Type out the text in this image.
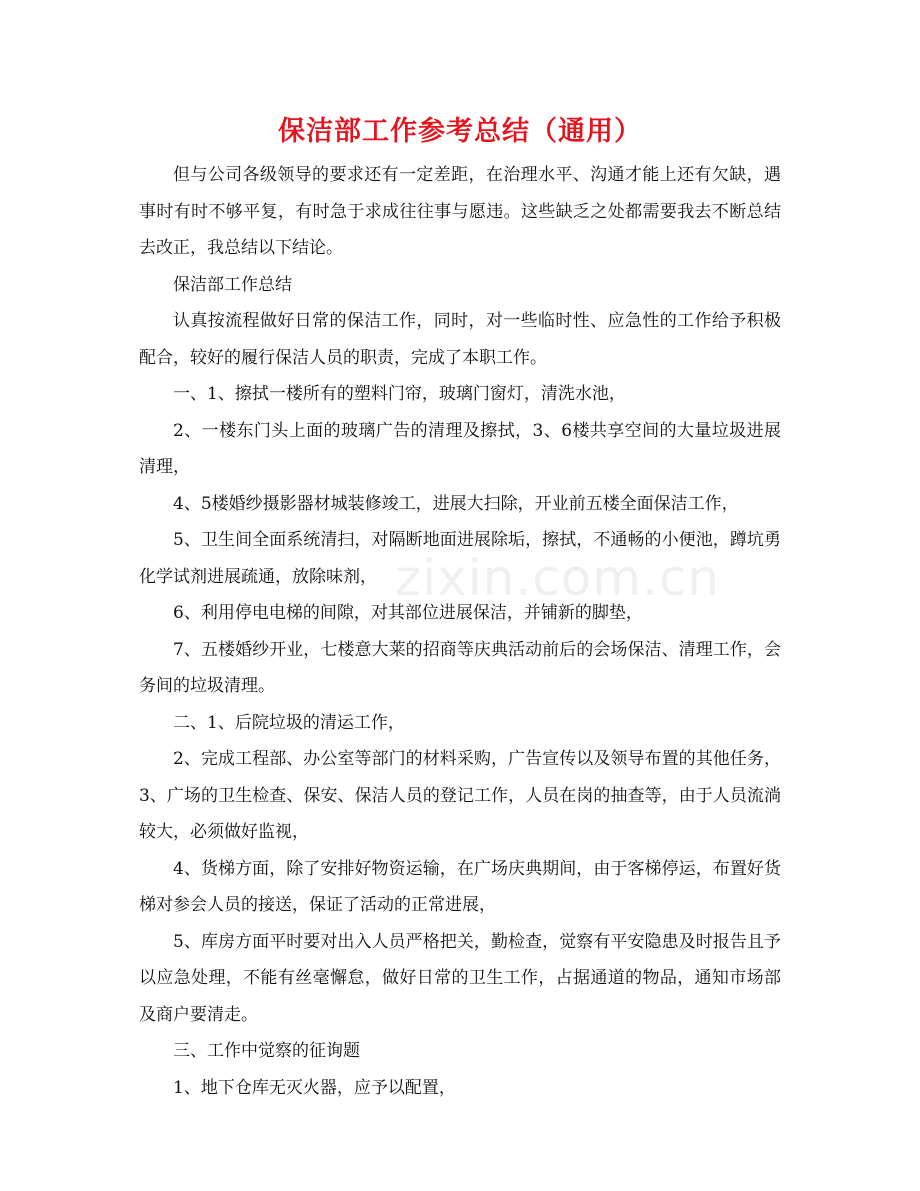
保洁部工作参考总结（通用）

但与公司各级领导的要求还有一定差距，在治理水平、沟通才能上还有欠缺，遇事时有时不够平复，有时急于求成往往事与愿违。这些缺乏之处都需要我去不断总结去改正，我总结以下结论。

保洁部工作总结

认真按流程做好日常的保洁工作，同时，对一些临时性、应急性的工作给予积极配合，较好的履行保洁人员的职责，完成了本职工作。

一、1、擦拭一楼所有的塑料门帘，玻璃门窗灯，清洗水池，

2、一楼东门头上面的玻璃广告的清理及擦拭，3、6楼共享空间的大量垃圾进展清理，

4、5楼婚纱摄影器材城装修竣工，进展大扫除，开业前五楼全面保洁工作，

5、卫生间全面系统清扫，对隔断地面进展除垢，擦拭，不通畅的小便池，蹲坑勇化学试剂进展疏通，放除味剂，

6、利用停电电梯的间隙，对其部位进展保洁，并铺新的脚垫，

7、五楼婚纱开业，七楼意大莱的招商等庆典活动前后的会场保洁、清理工作，会务间的垃圾清理。

二、1、后院垃圾的清运工作，

2、完成工程部、办公室等部门的材料采购，广告宣传以及领导布置的其他任务，3、广场的卫生检查、保安、保洁人员的登记工作，人员在岗的抽查等，由于人员流淌较大，必须做好监视，

4、货梯方面，除了安排好物资运输，在广场庆典期间，由于客梯停运，布置好货梯对参会人员的接送，保证了活动的正常进展，

5、库房方面平时要对出入人员严格把关，勤检查，觉察有平安隐患及时报告且予以应急处理，不能有丝毫懈怠，做好日常的卫生工作，占据通道的物品，通知市场部及商户要清走。

三、工作中觉察的征询题

1、地下仓库无灭火器，应予以配置，

zixin.com.cn
